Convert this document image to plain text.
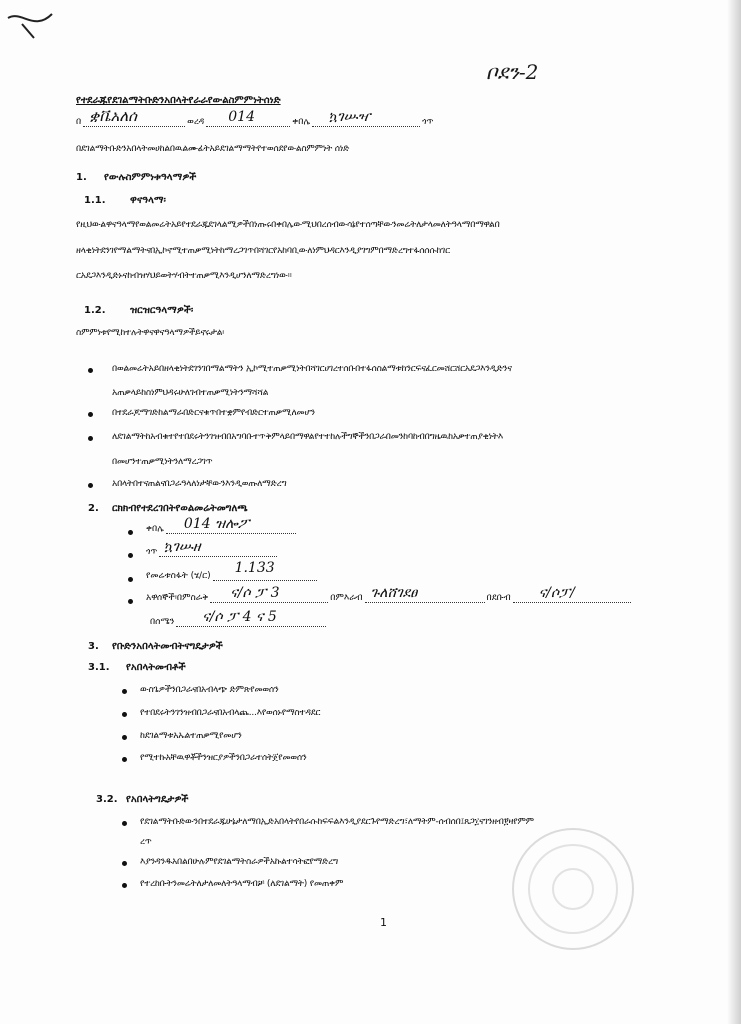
ቦደን-2
የተደራጁየደገልማትቡድንአበላትየራራየውልስምምነትሰነድ
በ ቋቬአለሰ	ወረዳ 014	ቀበሌ ኳገሡዣ	ጎጥ
በደገልማትቡድንአበላትመሀከልበዉልሙፊትአይደገልማማትየተወሰደየውልስምምነት ሰነድ
1. የውሉስምምነቱዓላማዎች
1.1. ዋናዓላማ፡
የዚህውልዋናዓላማየወልመሬትአይየተደራጁደገላልሚዎችበነጡሩበቀበሌውሚህበረሰብውሳኔየተሰጣቸውንመሬትለታላመለትዓላማበማዋልበ
ዘላቂነትደንገየማልማትናበኢኮኖሚተጠቃሚነትከማረጋገጥበሻገርየአከባቢውለነምህዳርእንዲያገግምበማድረግተፋሰሰሱከገር
ርአደጋእንዲድኑናከብዝሃህይወትሃብትተጠቃሚእንዲሆንለማድረግነው።
1.2. ዝርዝርዓላማዎች፡
ስምምነቱየሚከተሉትዋናዋናዓላማዎችይኖሩታል፡
በወልመሬትአይበዘላቂነትደገንገበማልማትን ኢኮሚተጠቃሚነትበሻገርሀገረተሰቡበተፋሰስልማቱከንርፍናፈርመሸርሸርአደጋእንዲድንና
አጠቃላይከስነምህዳሩሁለገብተጠቃሚነትንማሻሻል
በተደራጆማገድከልማራበድርናቁጥበተቋምየብድርተጠቃሚለመሆን
ለደገልማትከአብቁተየተበደሩትንገዝብበአግባቡተጥቅምላይበማዋልየተተከሉችግኞችንበጋራበመንከባከብበግዜዉከአቃተጠያቂነትእ
በመሆንተጠቃሚነትንለማረጋገጥ
አበላትበተናጠልናበጋራዓላለነታቸውንእንዲወጡለማድረግ
2. ርክክብየተደረገበትየወልመሬትመግለጫ
ቀበሌ 014 ዝሎፖ
ጎጥ ኳገሡዘ
የመሬቱስፋት (ሄ/ር) 1.133
አዋሰኞች፡በምስራቅ ና/ሶ ፓ 3	በምእራብ ጉለሸገደፀ	በደቡብ ና/ሶፓ/
በሰሜን ና/ሶ ፓ 4 ና 5
3. የቡድንአበላትመብትናግዴታዎች
3.1. የአበላትመብቶች
ውስጌዎችንበጋራናበአብላጭ ድምጽየመወሰን
የተበደሩትንገንዝብበጋራናበአብላጨ...እየወሰኑየማስተዳደር
ከደገልማቱአኡልተጠቃሚየመሆን
የሚተኩአቸዉዋቾችንዝርያዎችንበጋራተሰትጀየመወሰን
3.2. የአበላትግዴታዎች
የደገልማትቡድውንበተደራጁሁኔታለማበኢድአበላትየበራሱከፍፍልእንዲያደርጉየማድረግ፣ለማትም-ሰብሰበ፤ጸጋ፲ናገንዘብ፻ዛየምም
ረጥ
እያንዳንዱአበልበሁሉምየደገልማትስራዎችአኩልተሳትፎየማድረግ
የተረከቡትንመሬትለታለመለትዓላማብቻ (ለደገልማት) የመጠቀም
1
